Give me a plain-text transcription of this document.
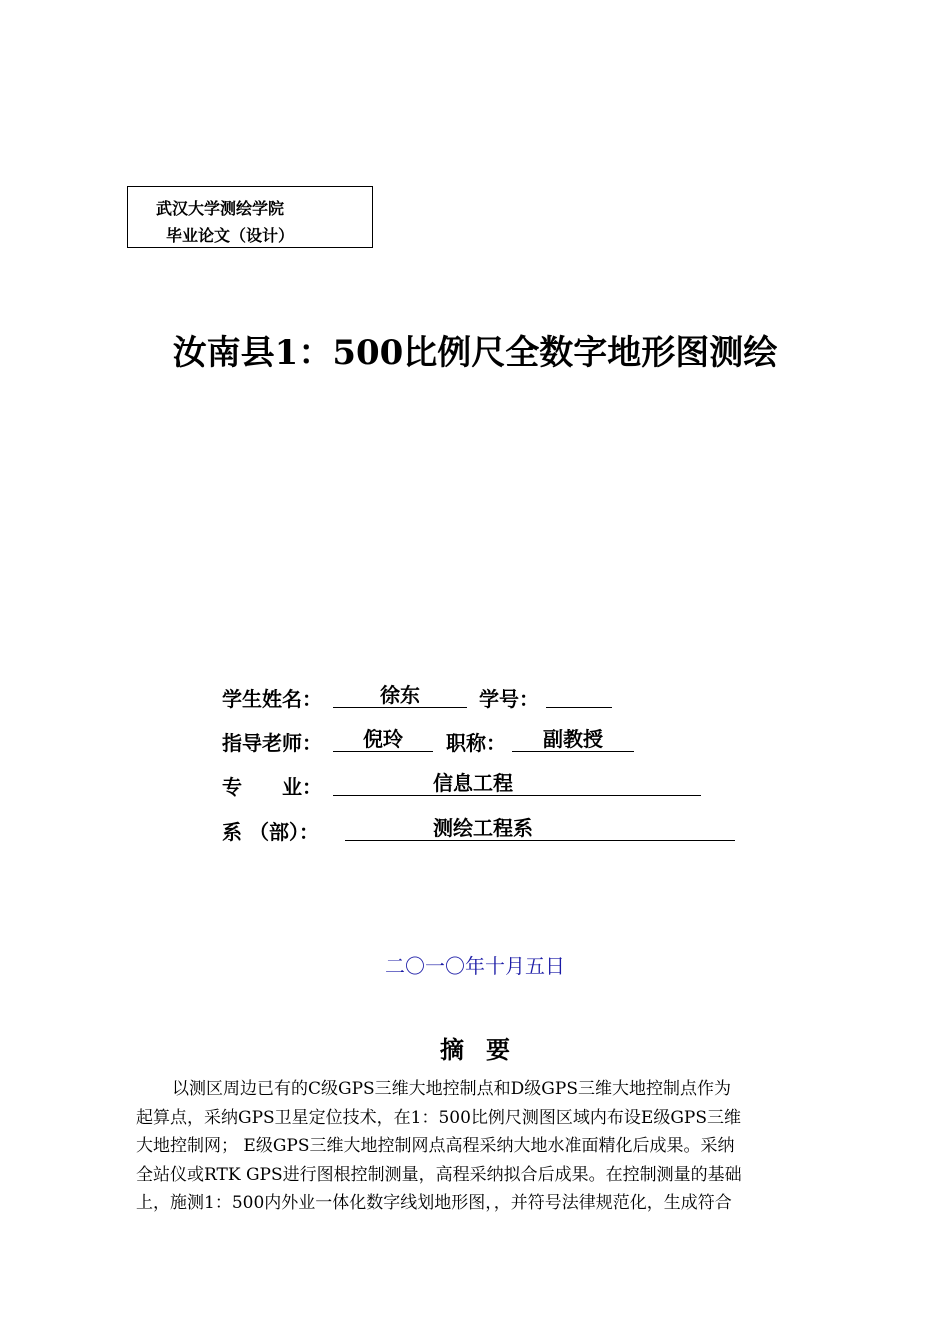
武汉大学测绘学院
毕业论文（设计）
汝南县1：500比例尺全数字地形图测绘
学生姓名：	徐东	学号：
指导老师：	倪玲	职称：	副教授
专　　业：	信息工程
系 （部）：	测绘工程系
二〇一〇年十月五日
摘要
以测区周边已有的C级GPS三维大地控制点和D级GPS三维大地控制点作为
起算点，采纳GPS卫星定位技术，在1：500比例尺测图区域内布设E级GPS三维
大地控制网； E级GPS三维大地控制网点高程采纳大地水准面精化后成果。采纳
全站仪或RTK GPS进行图根控制测量，高程采纳拟合后成果。在控制测量的基础
上，施测1：500内外业一体化数字线划地形图，，并符号法律规范化，生成符合
